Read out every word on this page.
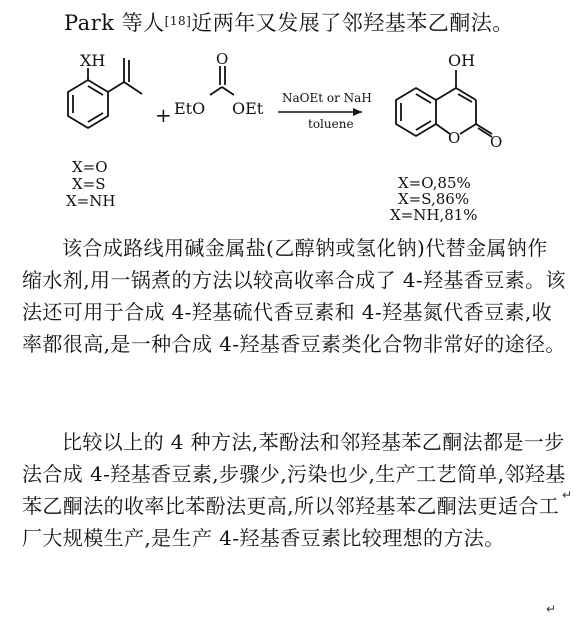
Park 等人[18]近两年又发展了邻羟基苯乙酮法。
XH
+
O
EtO OEt
NaOEt or NaH
toluene
OH
O O
X=O
X=S
X=NH
X=O,85%
X=S,86%
X=NH,81%

该合成路线用碱金属盐(乙醇钠或氢化钠)代替金属钠作缩水剂,用一锅煮的方法以较高收率合成了 4-羟基香豆素。该法还可用于合成 4-羟基硫代香豆素和 4-羟基氮代香豆素,收率都很高,是一种合成 4-羟基香豆素类化合物非常好的途径。

比较以上的 4 种方法,苯酚法和邻羟基苯乙酮法都是一步法合成 4-羟基香豆素,步骤少,污染也少,生产工艺简单,邻羟基苯乙酮法的收率比苯酚法更高,所以邻羟基苯乙酮法更适合工厂大规模生产,是生产 4-羟基香豆素比较理想的方法。

↵
↵
